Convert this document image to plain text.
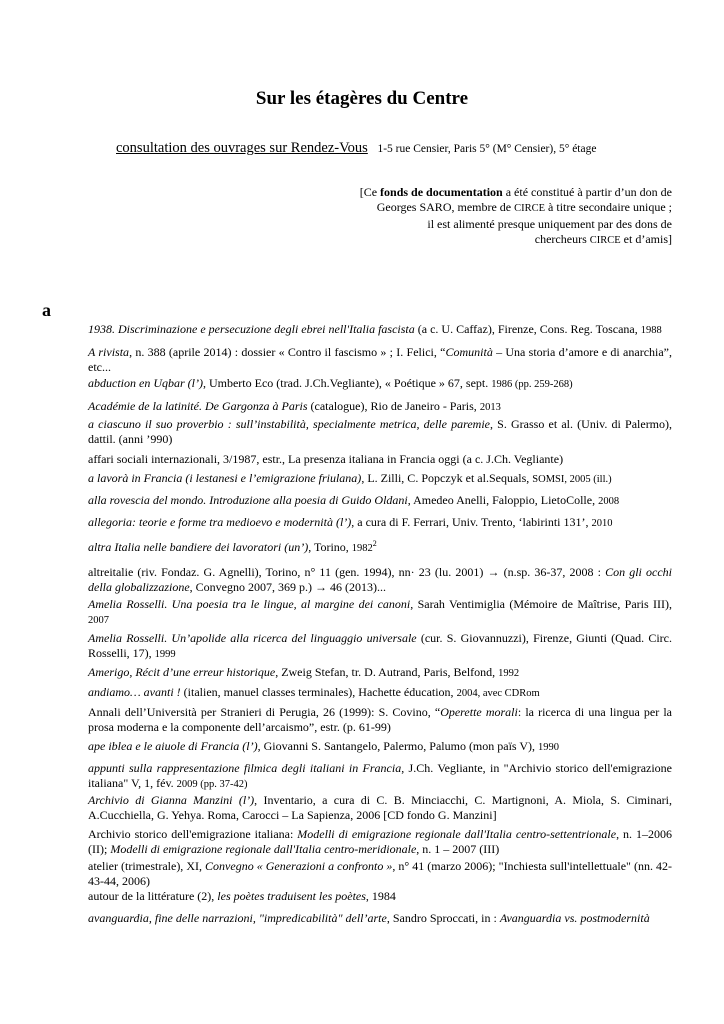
Sur les étagères du Centre
consultation des ouvrages sur Rendez-Vous 1-5 rue Censier, Paris 5° (M° Censier), 5° étage
[Ce fonds de documentation a été constitué à partir d’un don de
Georges SARO, membre de CIRCE à titre secondaire unique ;
il est alimenté presque uniquement par des dons de
chercheurs CIRCE et d’amis]
a

1938. Discriminazione e persecuzione degli ebrei nell'Italia fascista (a c. U. Caffaz), Firenze, Cons. Reg. Toscana, 1988

A rivista, n. 388 (aprile 2014) : dossier « Contro il fascismo » ; I. Felici, “Comunità – Una storia d’amore e di anarchia”, etc...

abduction en Uqbar (l’), Umberto Eco (trad. J.Ch.Vegliante), « Poétique » 67, sept. 1986 (pp. 259-268)

Académie de la latinité. De Gargonza à Paris (catalogue), Rio de Janeiro - Paris, 2013

a ciascuno il suo proverbio : sull’instabilità, specialmente metrica, delle paremie, S. Grasso et al. (Univ. di Palermo), dattil. (anni ’990)

affari sociali internazionali, 3/1987, estr., La presenza italiana in Francia oggi (a c. J.Ch. Vegliante)

a lavorà in Francia (i lestanesi e l’emigrazione friulana), L. Zilli, C. Popczyk et al.Sequals, SOMSI, 2005 (ill.)

alla rovescia del mondo. Introduzione alla poesia di Guido Oldani, Amedeo Anelli, Faloppio, LietoColle, 2008

allegoria: teorie e forme tra medioevo e modernità (l’), a cura di F. Ferrari, Univ. Trento, ‘labirinti 131’, 2010

altra Italia nelle bandiere dei lavoratori (un’), Torino, 1982$^2$

altreitalie (riv. Fondaz. G. Agnelli), Torino, n° 11 (gen. 1994), nn· 23 (lu. 2001) → (n.sp. 36-37, 2008 : Con gli occhi della globalizzazione, Convegno 2007, 369 p.) → 46 (2013)...

Amelia Rosselli. Una poesia tra le lingue, al margine dei canoni, Sarah Ventimiglia (Mémoire de Maîtrise, Paris III), 2007

Amelia Rosselli. Un’apolide alla ricerca del linguaggio universale (cur. S. Giovannuzzi), Firenze, Giunti (Quad. Circ. Rosselli, 17), 1999

Amerigo, Récit d’une erreur historique, Zweig Stefan, tr. D. Autrand, Paris, Belfond, 1992

andiamo… avanti ! (italien, manuel classes terminales), Hachette éducation, 2004, avec CDRom

Annali dell’Università per Stranieri di Perugia, 26 (1999): S. Covino, “Operette morali: la ricerca di una lingua per la prosa moderna e la componente dell’arcaismo”, estr. (p. 61-99)

ape iblea e le aiuole di Francia (l’), Giovanni S. Santangelo, Palermo, Palumo (mon païs V), 1990

appunti sulla rappresentazione filmica degli italiani in Francia, J.Ch. Vegliante, in "Archivio storico dell'emigrazione italiana" V, 1, fév. 2009 (pp. 37-42)

Archivio di Gianna Manzini (l’), Inventario, a cura di C. B. Minciacchi, C. Martignoni, A. Miola, S. Ciminari, A.Cucchiella, G. Yehya. Roma, Carocci – La Sapienza, 2006 [CD fondo G. Manzini]

Archivio storico dell'emigrazione italiana: Modelli di emigrazione regionale dall'Italia centro-settentrionale, n. 1–2006 (II); Modelli di emigrazione regionale dall'Italia centro-meridionale, n. 1 – 2007 (III)

atelier (trimestrale), XI, Convegno « Generazioni a confronto », n° 41 (marzo 2006); "Inchiesta sull'intellettuale" (nn. 42-43-44, 2006)

autour de la littérature (2), les poètes traduisent les poètes, 1984

avanguardia, fine delle narrazioni, "impredicabilità" dell’arte, Sandro Sproccati, in : Avanguardia vs. postmodernità
